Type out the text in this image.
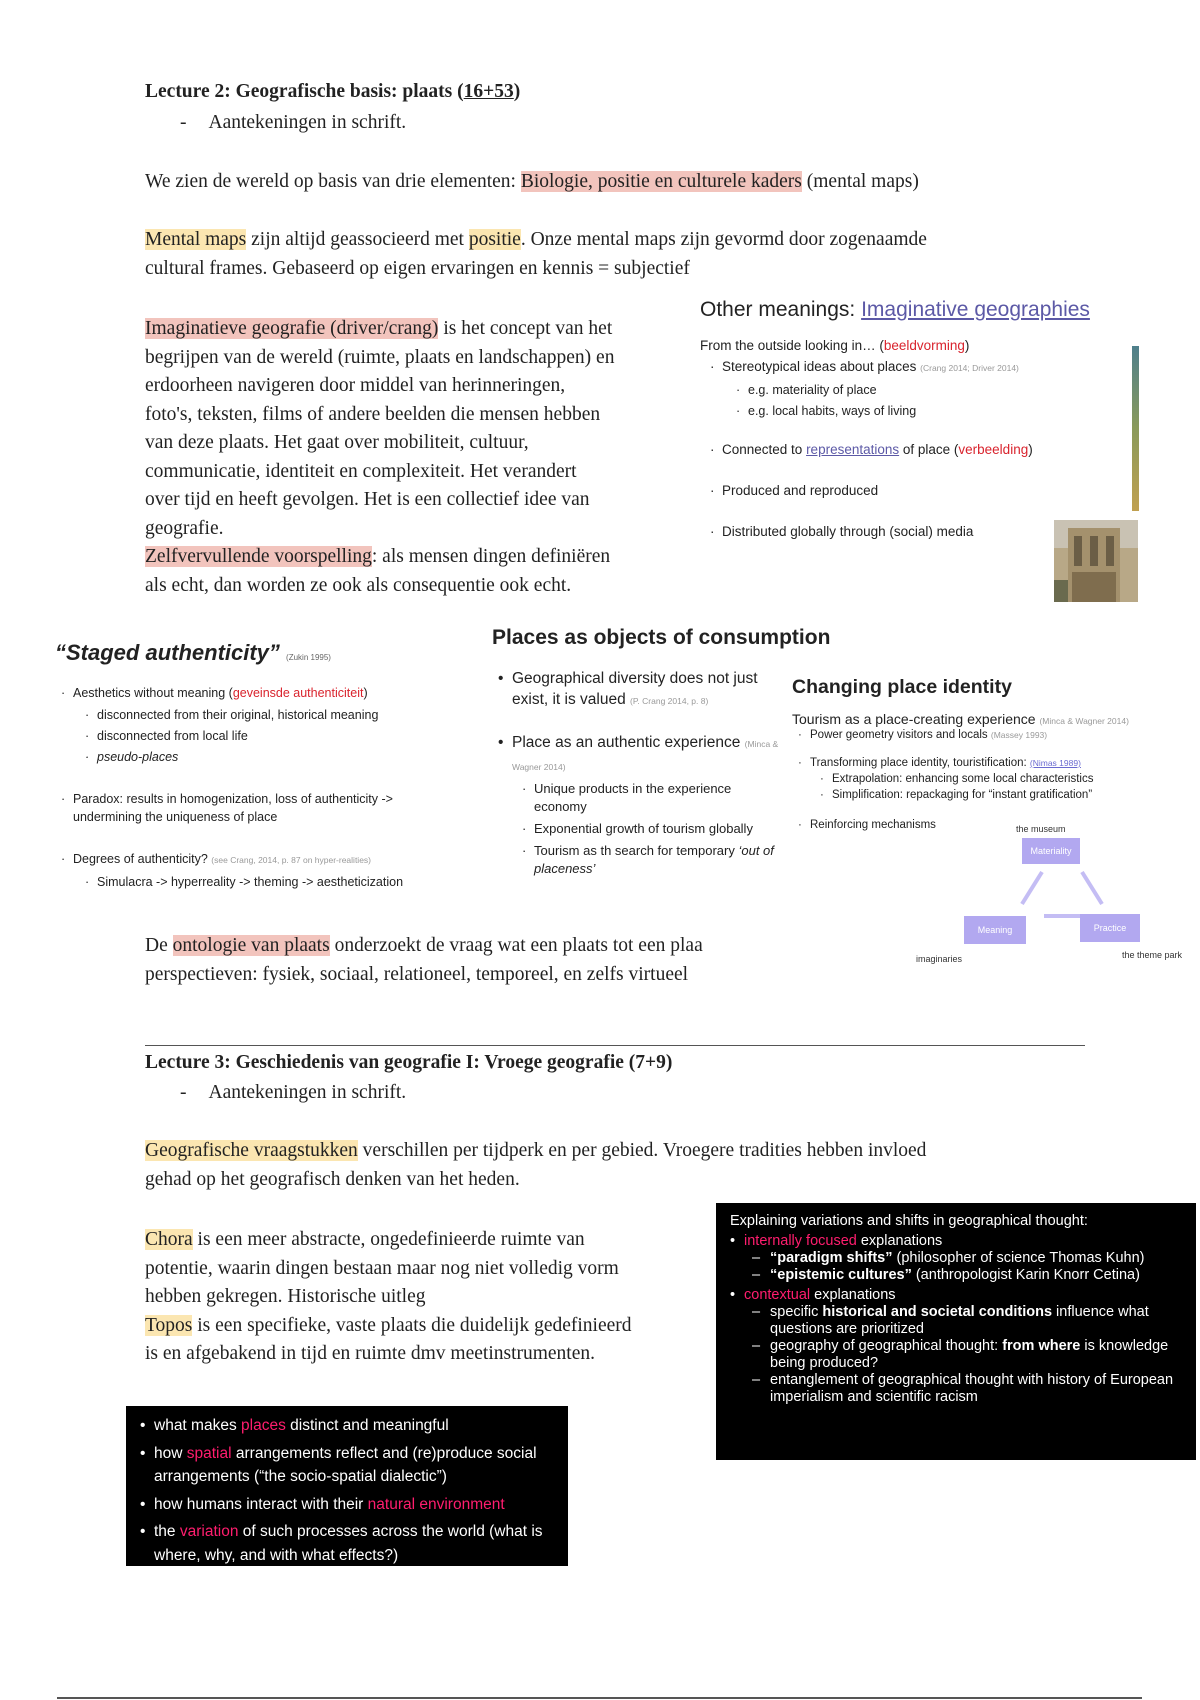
Lecture 2: Geografische basis: plaats (16+53)
- Aantekeningen in schrift.
We zien de wereld op basis van drie elementen: Biologie, positie en culturele kaders (mental maps)
Mental maps zijn altijd geassocieerd met positie. Onze mental maps zijn gevormd door zogenaamde
cultural frames. Gebaseerd op eigen ervaringen en kennis = subjectief
Imaginatieve geografie (driver/crang) is het concept van het
begrijpen van de wereld (ruimte, plaats en landschappen) en
erdoorheen navigeren door middel van herinneringen,
foto's, teksten, films of andere beelden die mensen hebben
van deze plaats. Het gaat over mobiliteit, cultuur,
communicatie, identiteit en complexiteit. Het verandert
over tijd en heeft gevolgen. Het is een collectief idee van
geografie.
Zelfvervullende voorspelling: als mensen dingen definiëren
als echt, dan worden ze ook als consequentie ook echt.
Other meanings: Imaginative geographies
From the outside looking in… (beeldvorming)
· Stereotypical ideas about places (Crang 2014; Driver 2014)
· e.g. materiality of place
· e.g. local habits, ways of living
· Connected to representations of place (verbeelding)
· Produced and reproduced
· Distributed globally through (social) media
“Staged authenticity” (Zukin 1995)
· Aesthetics without meaning (geveinsde authenticiteit)
· disconnected from their original, historical meaning
· disconnected from local life
· pseudo-places
· Paradox: results in homogenization, loss of authenticity -> undermining the uniqueness of place
· Degrees of authenticity? (see Crang, 2014, p. 87 on hyper-realities)
· Simulacra -> hyperreality -> theming -> aestheticization
Places as objects of consumption
• Geographical diversity does not just exist, it is valued (P. Crang 2014, p. 8)
• Place as an authentic experience (Minca & Wagner 2014)
· Unique products in the experience economy
· Exponential growth of tourism globally
· Tourism as th search for temporary ‘out of placeness’
Changing place identity
Tourism as a place-creating experience (Minca & Wagner 2014)
· Power geometry visitors and locals (Massey 1993)
· Transforming place identity, touristification: (Nimas 1989)
· Extrapolation: enhancing some local characteristics
· Simplification: repackaging for “instant gratification”
· Reinforcing mechanisms	the museum
Materiality
Meaning	Practice
imaginaries	the theme park
De ontologie van plaats onderzoekt de vraag wat een plaats tot een plaa
perspectieven: fysiek, sociaal, relationeel, temporeel, en zelfs virtueel
Lecture 3: Geschiedenis van geografie I: Vroege geografie (7+9)
- Aantekeningen in schrift.
Geografische vraagstukken verschillen per tijdperk en per gebied. Vroegere tradities hebben invloed
gehad op het geografisch denken van het heden.
Chora is een meer abstracte, ongedefinieerde ruimte van
potentie, waarin dingen bestaan maar nog niet volledig vorm
hebben gekregen. Historische uitleg
Topos is een specifieke, vaste plaats die duidelijk gedefinieerd
is en afgebakend in tijd en ruimte dmv meetinstrumenten.
Explaining variations and shifts in geographical thought:
• internally focused explanations
– “paradigm shifts” (philosopher of science Thomas Kuhn)
– “epistemic cultures” (anthropologist Karin Knorr Cetina)
• contextual explanations
– specific historical and societal conditions influence what questions are prioritized
– geography of geographical thought: from where is knowledge being produced?
– entanglement of geographical thought with history of European imperialism and scientific racism
• what makes places distinct and meaningful
• how spatial arrangements reflect and (re)produce social arrangements (“the socio-spatial dialectic”)
• how humans interact with their natural environment
• the variation of such processes across the world (what is where, why, and with what effects?)
